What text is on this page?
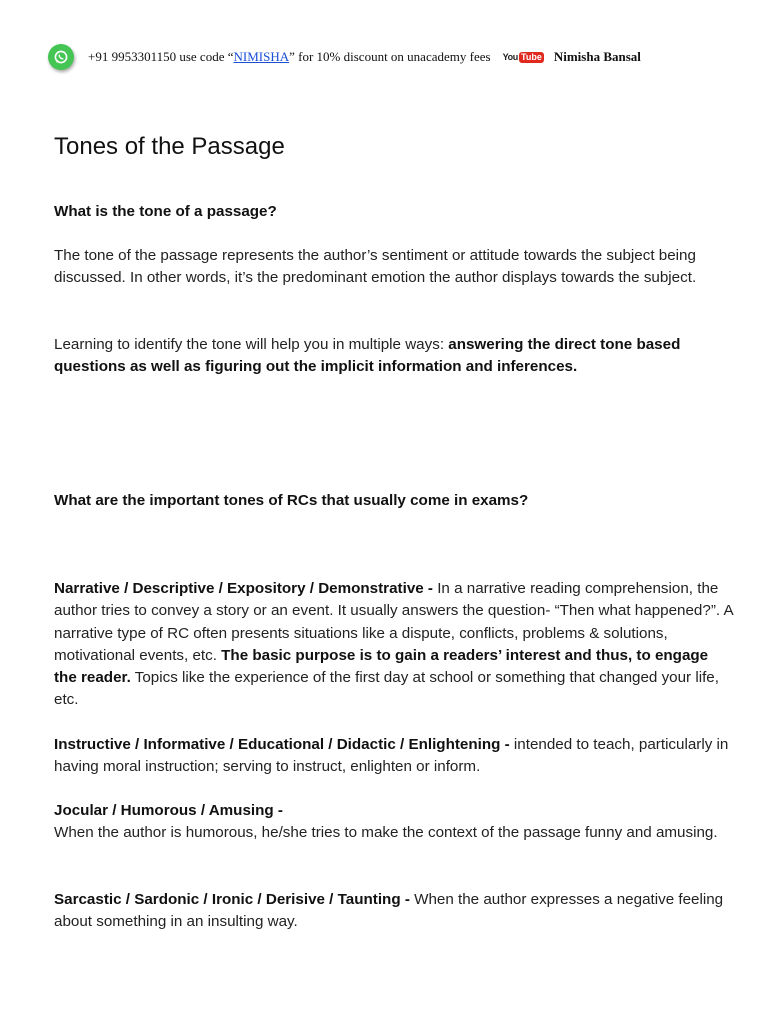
+91 9953301150 use code “NIMISHA” for 10% discount on unacademy fees You Tube Nimisha Bansal
Tones of the Passage

What is the tone of a passage?

The tone of the passage represents the author’s sentiment or attitude towards the subject being discussed. In other words, it’s the predominant emotion the author displays towards the subject.

Learning to identify the tone will help you in multiple ways: answering the direct tone based questions as well as figuring out the implicit information and inferences.

What are the important tones of RCs that usually come in exams?

Narrative / Descriptive / Expository / Demonstrative - In a narrative reading comprehension, the author tries to convey a story or an event. It usually answers the question- “Then what happened?”. A narrative type of RC often presents situations like a dispute, conflicts, problems & solutions, motivational events, etc. The basic purpose is to gain a readers’ interest and thus, to engage the reader. Topics like the experience of the first day at school or something that changed your life, etc.

Instructive / Informative / Educational / Didactic / Enlightening - intended to teach, particularly in having moral instruction; serving to instruct, enlighten or inform.

Jocular / Humorous / Amusing -
When the author is humorous, he/she tries to make the context of the passage funny and amusing.

Sarcastic / Sardonic / Ironic / Derisive / Taunting - When the author expresses a negative feeling about something in an insulting way.
